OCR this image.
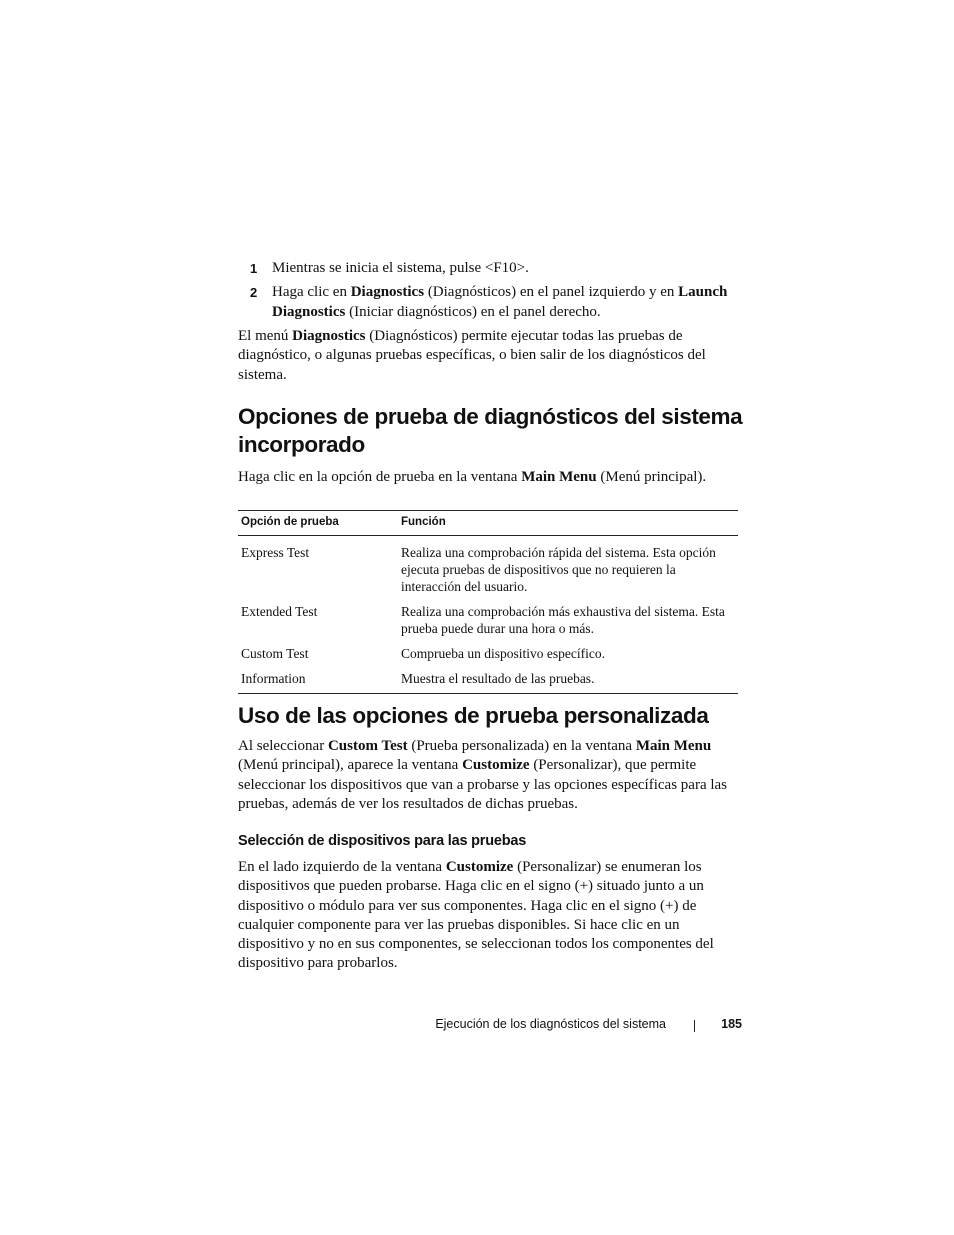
1 Mientras se inicia el sistema, pulse <F10>.
2 Haga clic en Diagnostics (Diagnósticos) en el panel izquierdo y en Launch Diagnostics (Iniciar diagnósticos) en el panel derecho.

El menú Diagnostics (Diagnósticos) permite ejecutar todas las pruebas de diagnóstico, o algunas pruebas específicas, o bien salir de los diagnósticos del sistema.

Opciones de prueba de diagnósticos del sistema incorporado

Haga clic en la opción de prueba en la ventana Main Menu (Menú principal).

Opción de prueba	Función
Express Test	Realiza una comprobación rápida del sistema. Esta opción ejecuta pruebas de dispositivos que no requieren la interacción del usuario.
Extended Test	Realiza una comprobación más exhaustiva del sistema. Esta prueba puede durar una hora o más.
Custom Test	Comprueba un dispositivo específico.
Information	Muestra el resultado de las pruebas.
Uso de las opciones de prueba personalizada

Al seleccionar Custom Test (Prueba personalizada) en la ventana Main Menu (Menú principal), aparece la ventana Customize (Personalizar), que permite seleccionar los dispositivos que van a probarse y las opciones específicas para las pruebas, además de ver los resultados de dichas pruebas.

Selección de dispositivos para las pruebas

En el lado izquierdo de la ventana Customize (Personalizar) se enumeran los dispositivos que pueden probarse. Haga clic en el signo (+) situado junto a un dispositivo o módulo para ver sus componentes. Haga clic en el signo (+) de cualquier componente para ver las pruebas disponibles. Si hace clic en un dispositivo y no en sus componentes, se seleccionan todos los componentes del dispositivo para probarlos.

Ejecución de los diagnósticos del sistema	185
